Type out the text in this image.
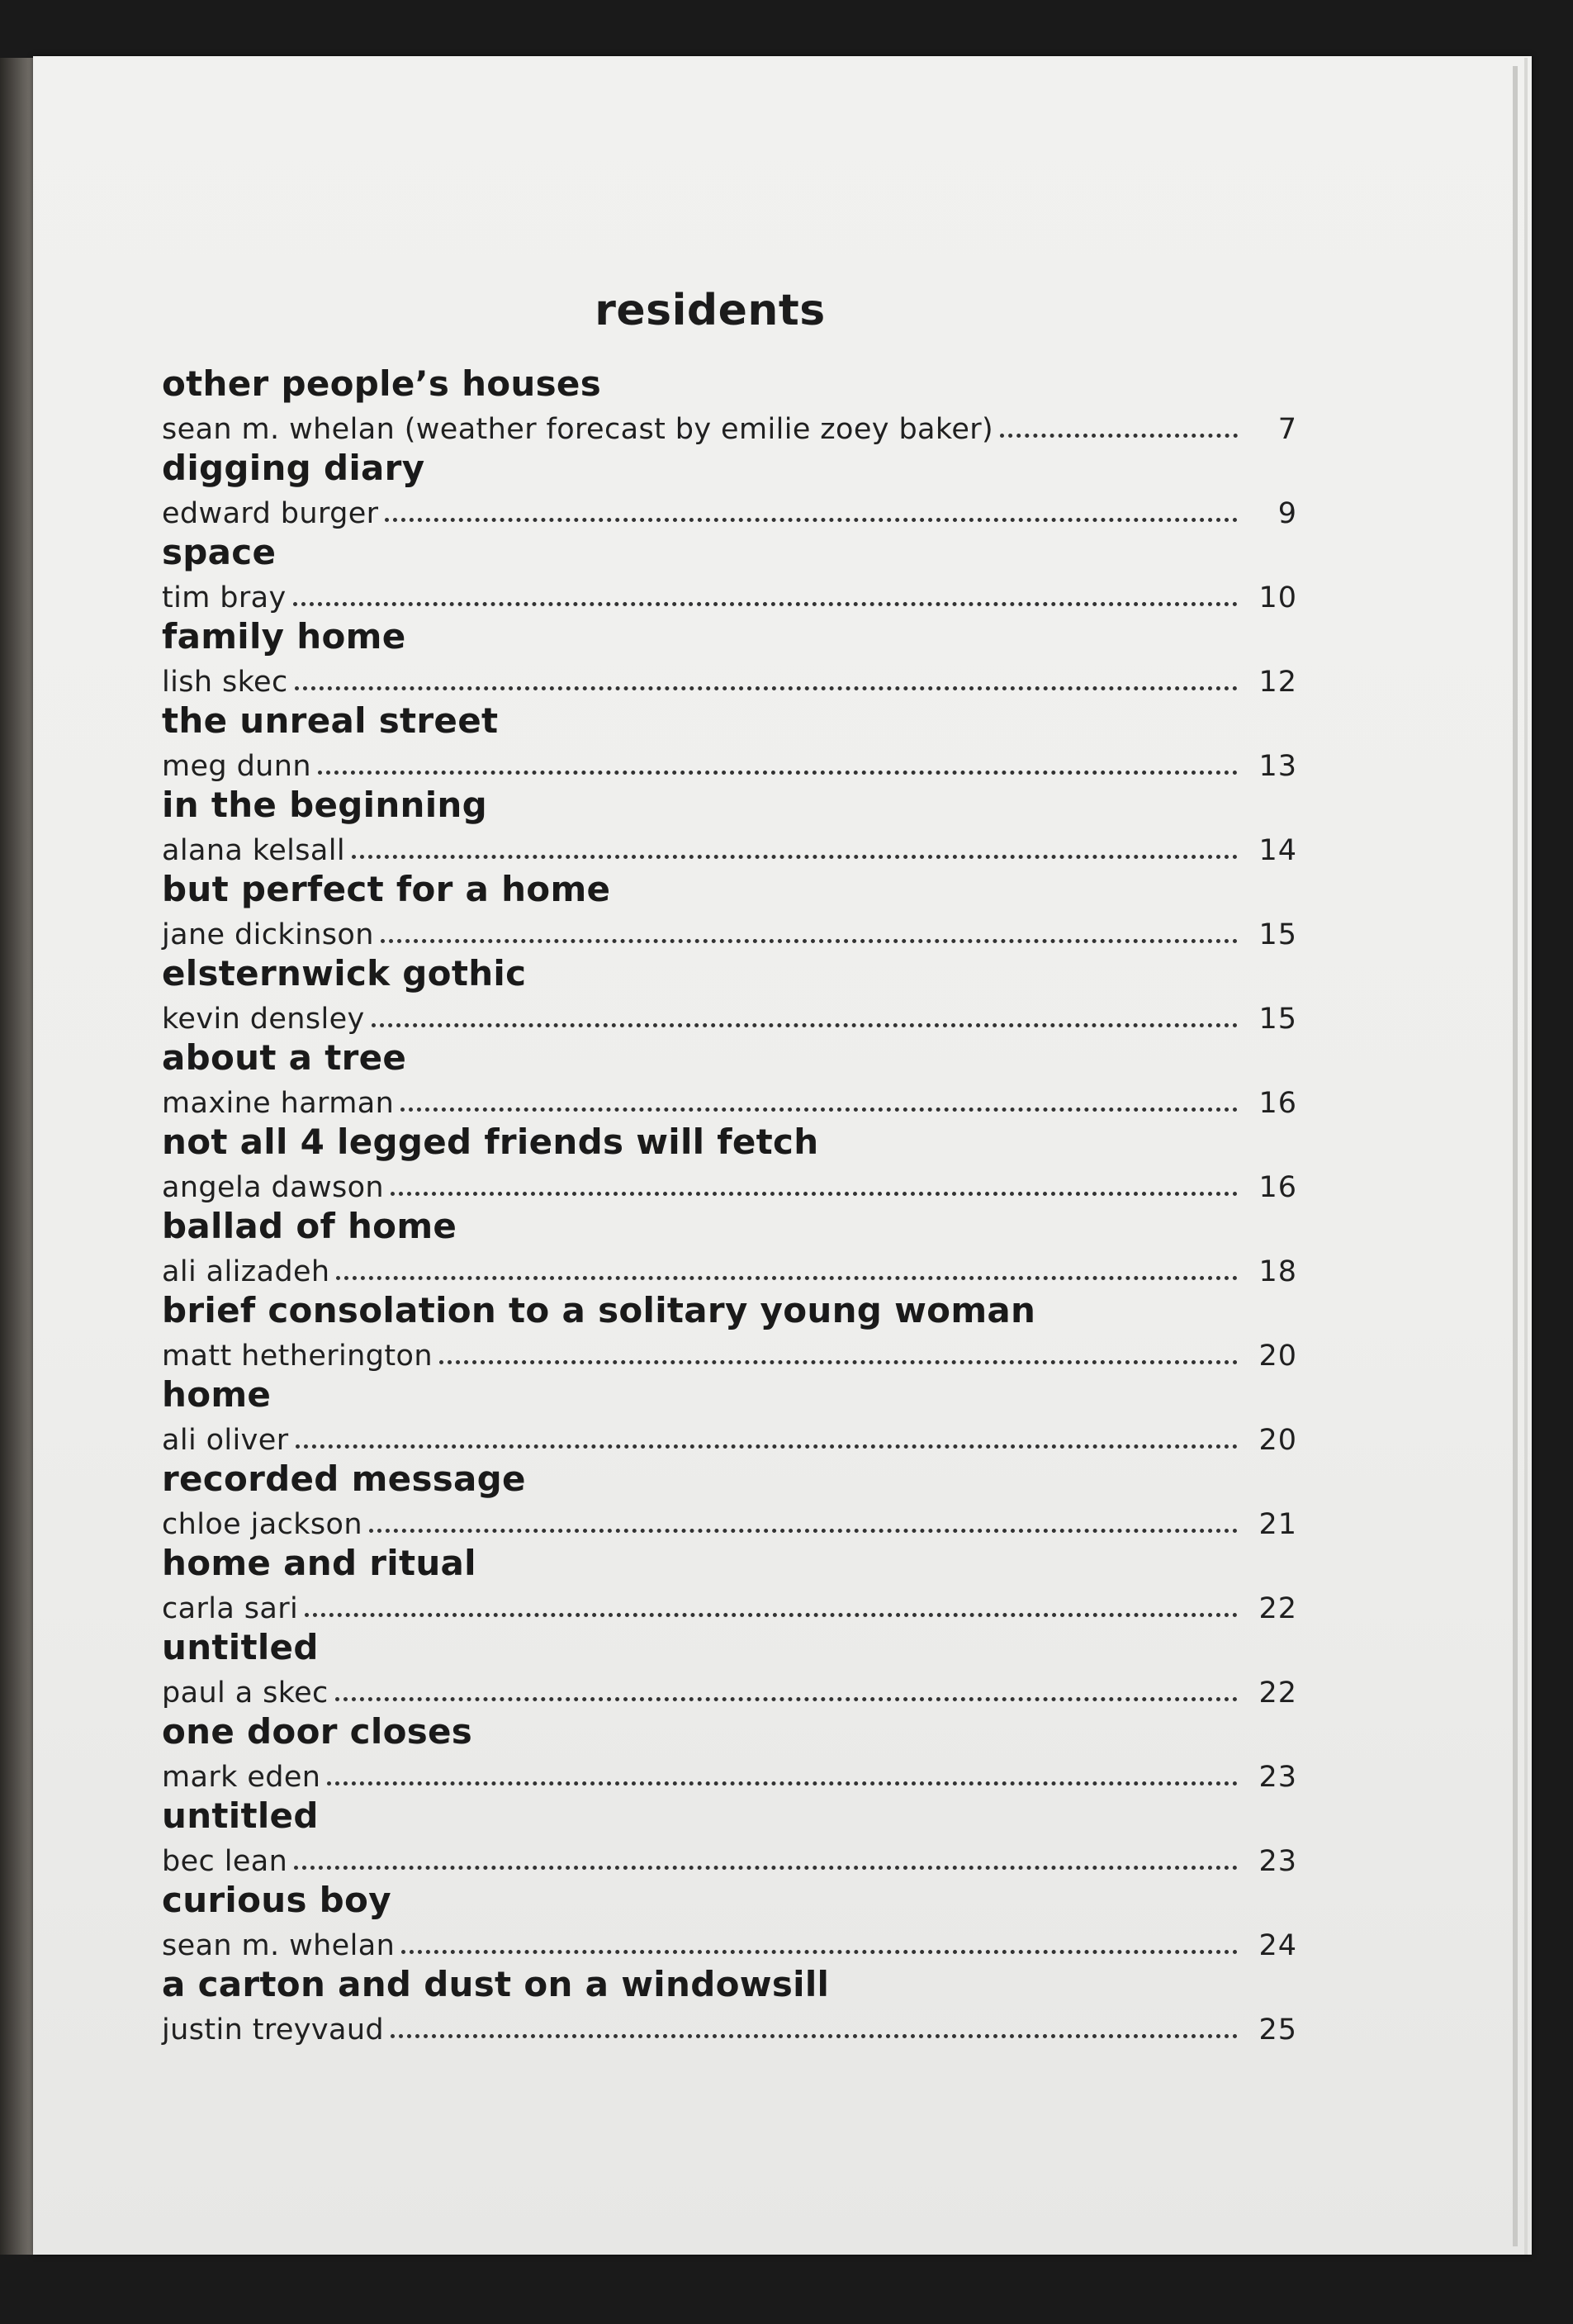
residents
other people’s houses
sean m. whelan (weather forecast by emilie zoey baker)	7
digging diary
edward burger	9
space
tim bray	10
family home
lish skec	12
the unreal street
meg dunn	13
in the beginning
alana kelsall	14
but perfect for a home
jane dickinson	15
elsternwick gothic
kevin densley	15
about a tree
maxine harman	16
not all 4 legged friends will fetch
angela dawson	16
ballad of home
ali alizadeh	18
brief consolation to a solitary young woman
matt hetherington	20
home
ali oliver	20
recorded message
chloe jackson	21
home and ritual
carla sari	22
untitled
paul a skec	22
one door closes
mark eden	23
untitled
bec lean	23
curious boy
sean m. whelan	24
a carton and dust on a windowsill
justin treyvaud	25
